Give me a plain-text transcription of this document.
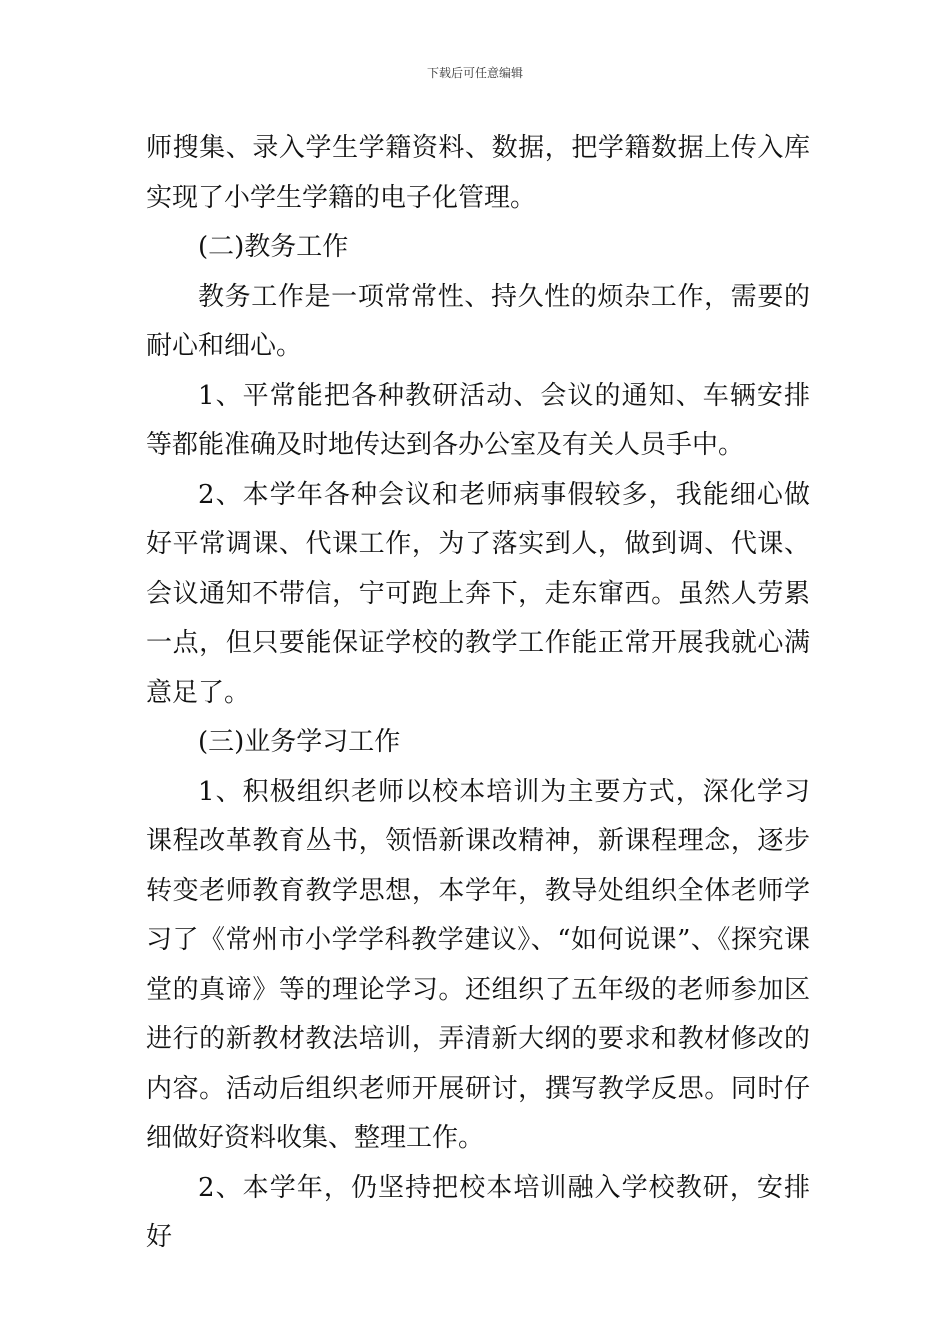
下载后可任意编辑

师搜集、录入学生学籍资料、数据，把学籍数据上传入库实现了小学生学籍的电子化管理。

(二)教务工作

教务工作是一项常常性、持久性的烦杂工作，需要的耐心和细心。

1、平常能把各种教研活动、会议的通知、车辆安排等都能准确及时地传达到各办公室及有关人员手中。

2、本学年各种会议和老师病事假较多，我能细心做好平常调课、代课工作，为了落实到人，做到调、代课、会议通知不带信，宁可跑上奔下，走东窜西。虽然人劳累一点，但只要能保证学校的教学工作能正常开展我就心满意足了。

(三)业务学习工作

1、积极组织老师以校本培训为主要方式，深化学习课程改革教育丛书，领悟新课改精神，新课程理念，逐步转变老师教育教学思想，本学年，教导处组织全体老师学习了《常州市小学学科教学建议》、“如何说课”、《探究课堂的真谛》等的理论学习。还组织了五年级的老师参加区进行的新教材教法培训，弄清新大纲的要求和教材修改的内容。活动后组织老师开展研讨，撰写教学反思。同时仔细做好资料收集、整理工作。

2、本学年，仍坚持把校本培训融入学校教研，安排好
